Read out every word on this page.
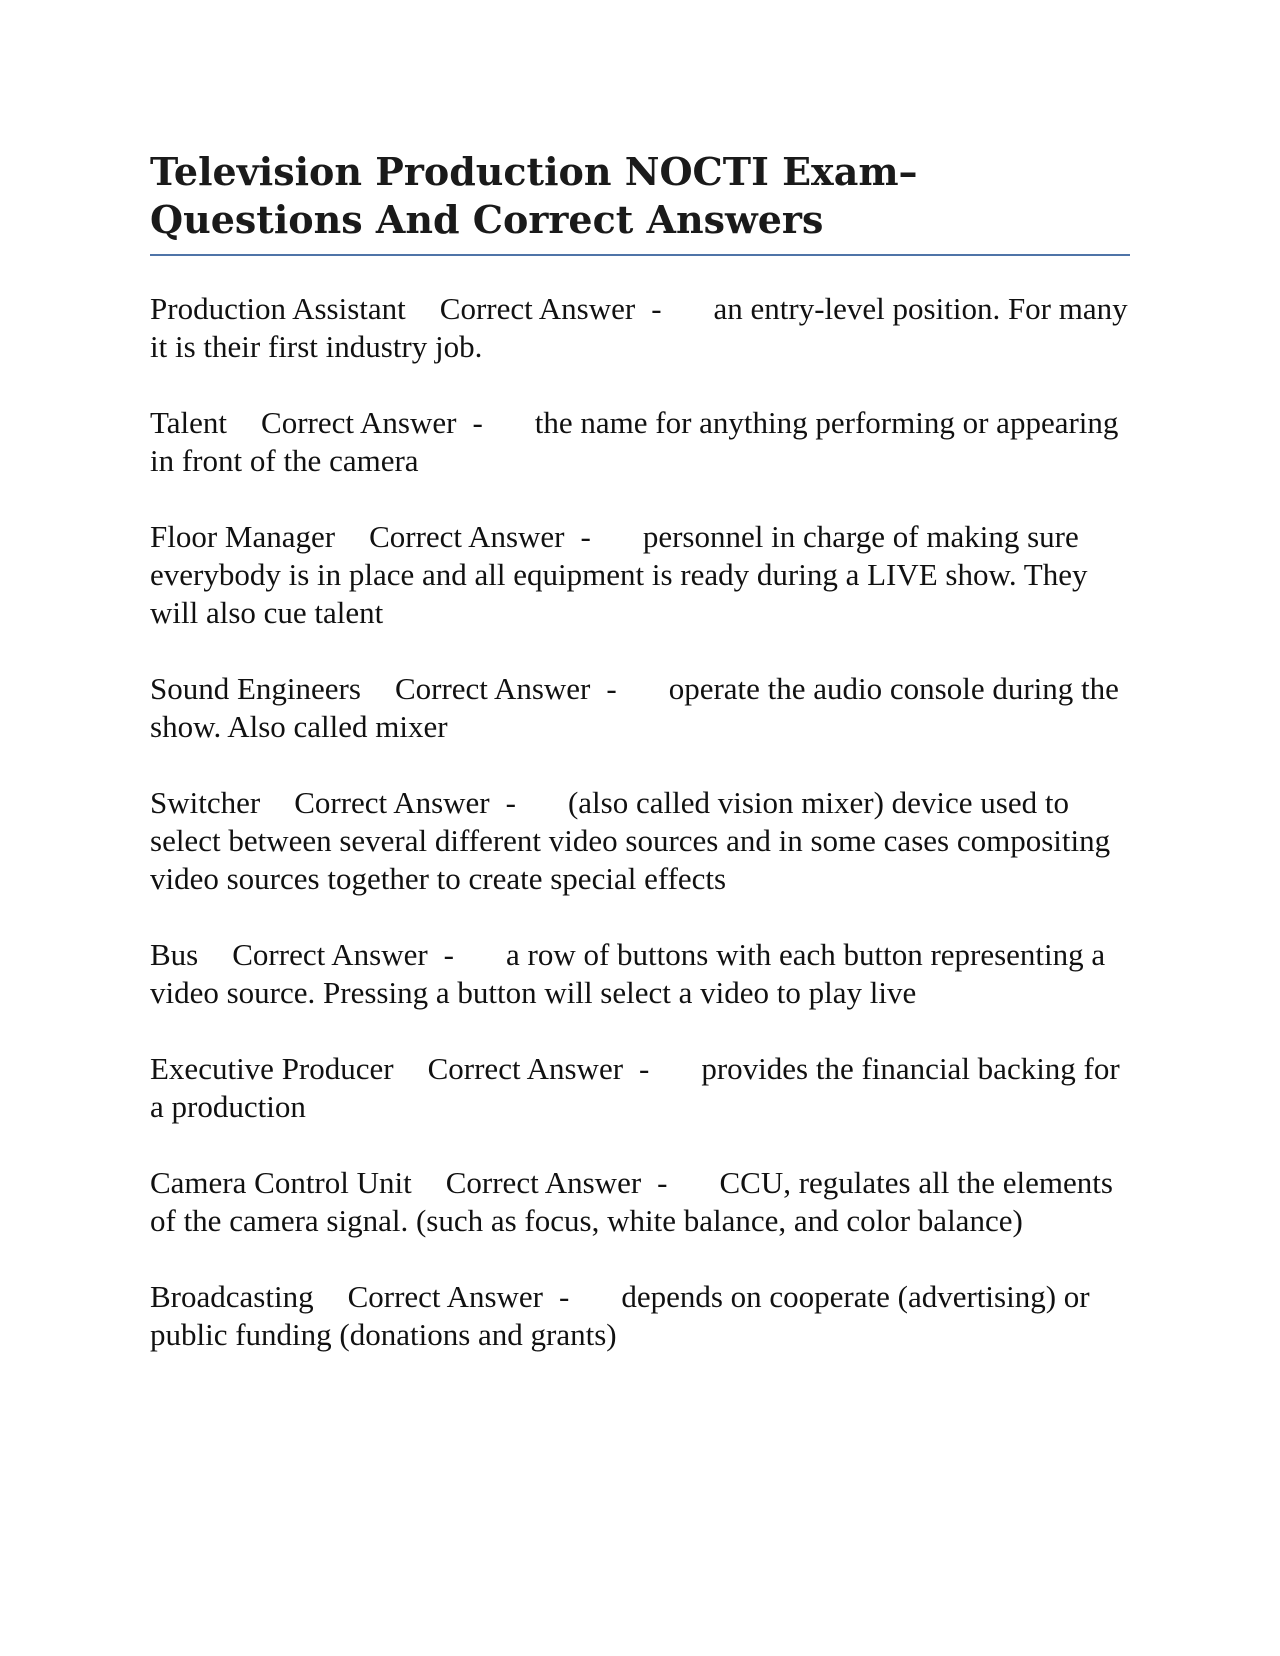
Television Production NOCTI Exam– Questions And Correct Answers

Production Assistant Correct Answer - an entry-level position. For many it is their first industry job.

Talent Correct Answer - the name for anything performing or appearing in front of the camera

Floor Manager Correct Answer - personnel in charge of making sure everybody is in place and all equipment is ready during a LIVE show. They will also cue talent

Sound Engineers Correct Answer - operate the audio console during the show. Also called mixer

Switcher Correct Answer - (also called vision mixer) device used to select between several different video sources and in some cases compositing video sources together to create special effects

Bus Correct Answer - a row of buttons with each button representing a video source. Pressing a button will select a video to play live

Executive Producer Correct Answer - provides the financial backing for a production

Camera Control Unit Correct Answer - CCU, regulates all the elements of the camera signal. (such as focus, white balance, and color balance)

Broadcasting Correct Answer - depends on cooperate (advertising) or public funding (donations and grants)
